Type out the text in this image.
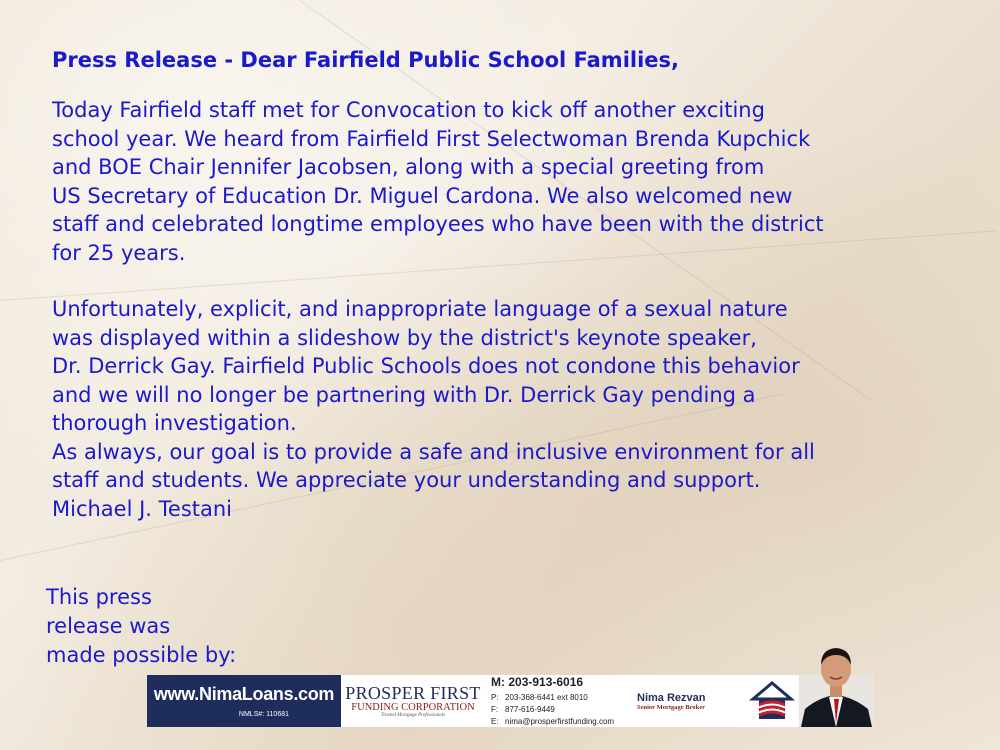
Press Release - Dear Fairfield Public School Families,

Today Fairfield staff met for Convocation to kick off another exciting
school year. We heard from Fairfield First Selectwoman Brenda Kupchick
and BOE Chair Jennifer Jacobsen, along with a special greeting from
US Secretary of Education Dr. Miguel Cardona. We also welcomed new
staff and celebrated longtime employees who have been with the district
for 25 years.

Unfortunately, explicit, and inappropriate language of a sexual nature
was displayed within a slideshow by the district's keynote speaker,
Dr. Derrick Gay. Fairfield Public Schools does not condone this behavior
and we will no longer be partnering with Dr. Derrick Gay pending a
thorough investigation.
As always, our goal is to provide a safe and inclusive environment for all
staff and students. We appreciate your understanding and support.
Michael J. Testani

This press
release was
made possible by:
www.NimaLoans.com
NMLS#: 110681
PROSPER FIRST
FUNDING CORPORATION
Trusted Mortgage Professionals
M: 203-913-6016
P: 203-368-6441 ext 8010
F: 877-616-9449
E: nima@prosperfirstfunding.com
Nima Rezvan
Senior Mortgage Broker
